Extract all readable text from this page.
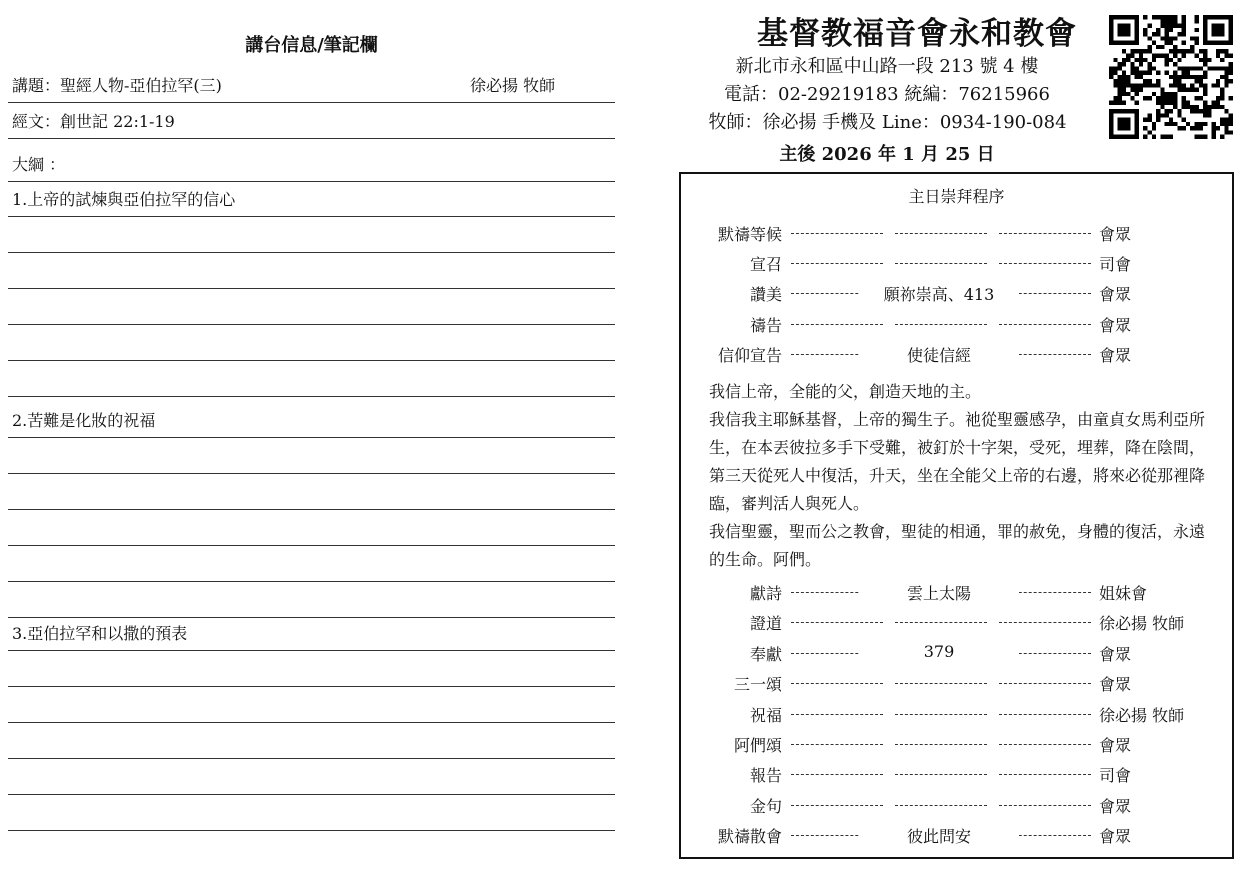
講台信息/筆記欄
講題：聖經人物-亞伯拉罕(三)	徐必揚 牧師
經文：創世記 22:1-19
大綱 ：
1.上帝的試煉與亞伯拉罕的信心
2.苦難是化妝的祝福
3.亞伯拉罕和以撒的預表
基督教福音會永和教會
新北市永和區中山路一段 213 號 4 樓
電話：02-29219183 統編：76215966
牧師：徐必揚 手機及 Line：0934-190-084
主後 2026 年 1 月 25 日
主日崇拜程序
默禱等候	會眾
宣召	司會
讚美	願祢崇高、413	會眾
禱告	會眾
信仰宣告	使徒信經	會眾

我信上帝，全能的父，創造天地的主。

我信我主耶穌基督，上帝的獨生子。祂從聖靈感孕，由童貞女馬利亞所生，在本丟彼拉多手下受難，被釘於十字架，受死，埋葬，降在陰間，第三天從死人中復活，升天，坐在全能父上帝的右邊，將來必從那裡降臨，審判活人與死人。

我信聖靈，聖而公之教會，聖徒的相通，罪的赦免，身體的復活，永遠的生命。阿們。

獻詩	雲上太陽	姐妹會
證道	徐必揚 牧師
奉獻	379	會眾
三一頌	會眾
祝福	徐必揚 牧師
阿們頌	會眾
報告	司會
金句	會眾
默禱散會	彼此問安	會眾
